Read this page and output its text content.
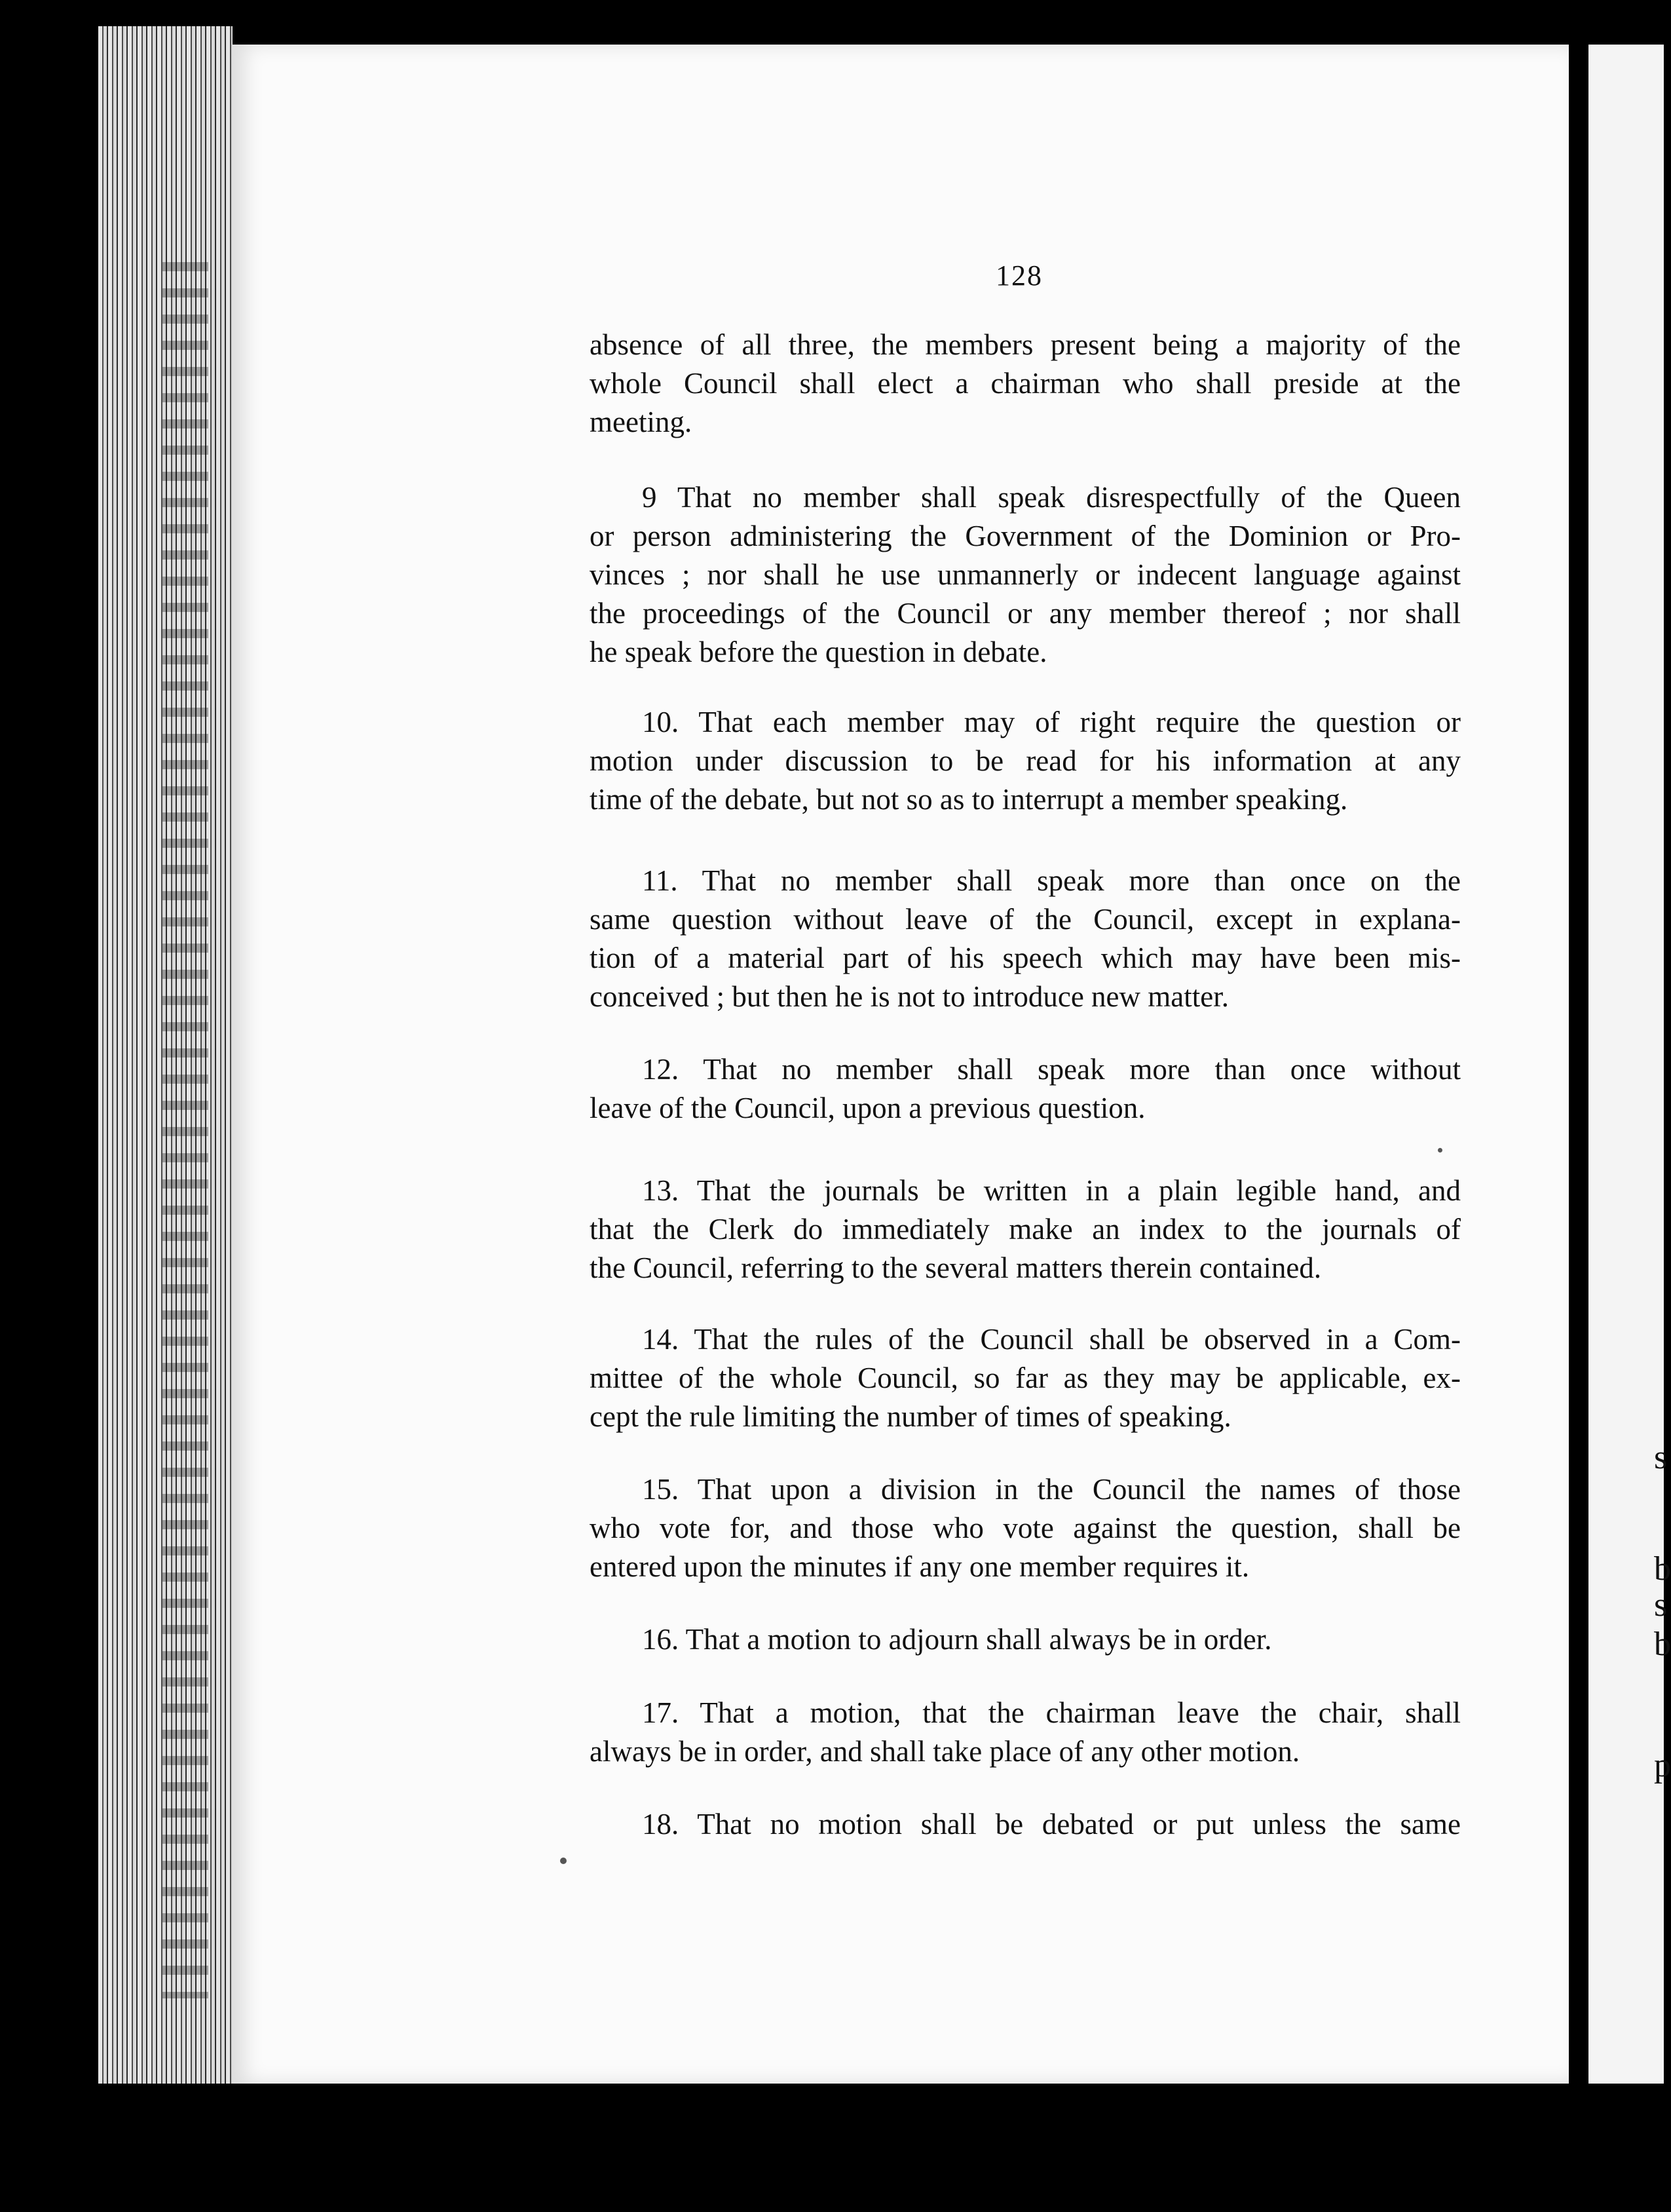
s
b
s
b
p
128
absence of all three, the members present being a majority of the
whole Council shall elect a chairman who shall preside at the
meeting.
9 That no member shall speak disrespectfully of the Queen
or person administering the Government of the Dominion or Pro-
vinces ; nor shall he use unmannerly or indecent language against
the proceedings of the Council or any member thereof ; nor shall
he speak before the question in debate.
10. That each member may of right require the question or
motion under discussion to be read for his information at any
time of the debate, but not so as to interrupt a member speaking.
11. That no member shall speak more than once on the
same question without leave of the Council, except in explana-
tion of a material part of his speech which may have been mis-
conceived ; but then he is not to introduce new matter.
12. That no member shall speak more than once without
leave of the Council, upon a previous question.
13. That the journals be written in a plain legible hand, and
that the Clerk do immediately make an index to the journals of
the Council, referring to the several matters therein contained.
14. That the rules of the Council shall be observed in a Com-
mittee of the whole Council, so far as they may be applicable, ex-
cept the rule limiting the number of times of speaking.
15. That upon a division in the Council the names of those
who vote for, and those who vote against the question, shall be
entered upon the minutes if any one member requires it.
16. That a motion to adjourn shall always be in order.
17. That a motion, that the chairman leave the chair, shall
always be in order, and shall take place of any other motion.
18. That no motion shall be debated or put unless the same
